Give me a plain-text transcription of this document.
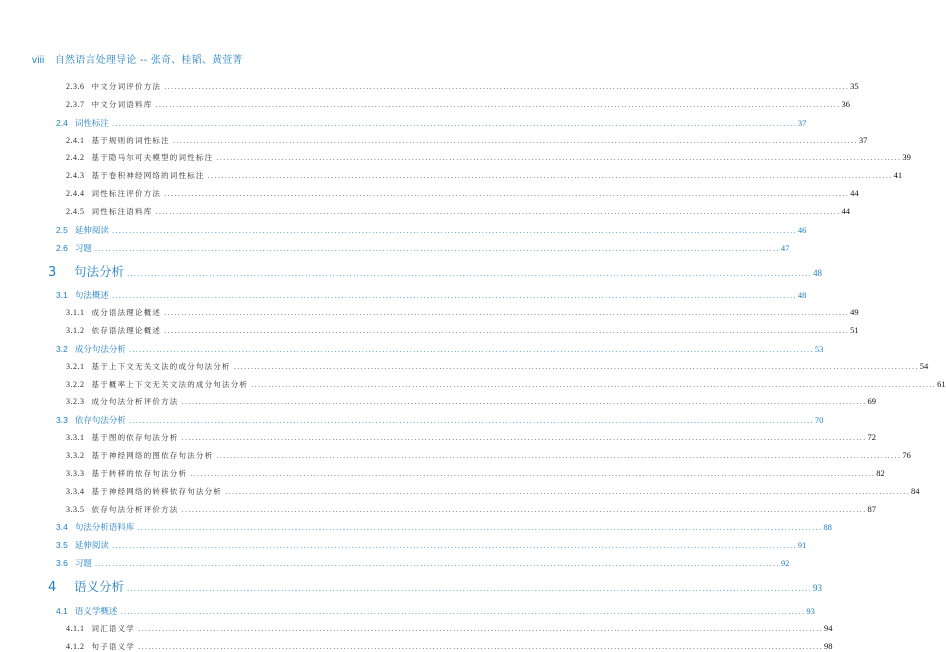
viii 自然语言处理导论 -- 张奇、桂韬、黄萱菁
2.3.6 中文分词评价方法 ........................................................................................................................................................................................................ 35
2.3.7 中文分词语料库 ........................................................................................................................................................................................................ 36
2.4 词性标注 ........................................................................................................................................................................................................ 37
2.4.1 基于规则的词性标注 ........................................................................................................................................................................................................ 37
2.4.2 基于隐马尔可夫模型的词性标注 ........................................................................................................................................................................................................ 39
2.4.3 基于卷积神经网络的词性标注 ........................................................................................................................................................................................................ 41
2.4.4 词性标注评价方法 ........................................................................................................................................................................................................ 44
2.4.5 词性标注语料库 ........................................................................................................................................................................................................ 44
2.5 延伸阅读 ........................................................................................................................................................................................................ 46
2.6 习题 ........................................................................................................................................................................................................ 47
3	句法分析 ........................................................................................................................................................................................................ 48
3.1 句法概述 ........................................................................................................................................................................................................ 48
3.1.1 成分语法理论概述 ........................................................................................................................................................................................................ 49
3.1.2 依存语法理论概述 ........................................................................................................................................................................................................ 51
3.2 成分句法分析 ........................................................................................................................................................................................................ 53
3.2.1 基于上下文无关文法的成分句法分析 ........................................................................................................................................................................................................ 54
3.2.2 基于概率上下文无关文法的成分句法分析 ........................................................................................................................................................................................................ 61
3.2.3 成分句法分析评价方法 ........................................................................................................................................................................................................ 69
3.3 依存句法分析 ........................................................................................................................................................................................................ 70
3.3.1 基于图的依存句法分析 ........................................................................................................................................................................................................ 72
3.3.2 基于神经网络的图依存句法分析 ........................................................................................................................................................................................................ 76
3.3.3 基于转移的依存句法分析 ........................................................................................................................................................................................................ 82
3.3.4 基于神经网络的转移依存句法分析 ........................................................................................................................................................................................................ 84
3.3.5 依存句法分析评价方法 ........................................................................................................................................................................................................ 87
3.4 句法分析语料库 ........................................................................................................................................................................................................ 88
3.5 延伸阅读 ........................................................................................................................................................................................................ 91
3.6 习题 ........................................................................................................................................................................................................ 92
4	语义分析 ........................................................................................................................................................................................................ 93
4.1 语义学概述 ........................................................................................................................................................................................................ 93
4.1.1 词汇语义学 ........................................................................................................................................................................................................ 94
4.1.2 句子语义学 ........................................................................................................................................................................................................ 98
